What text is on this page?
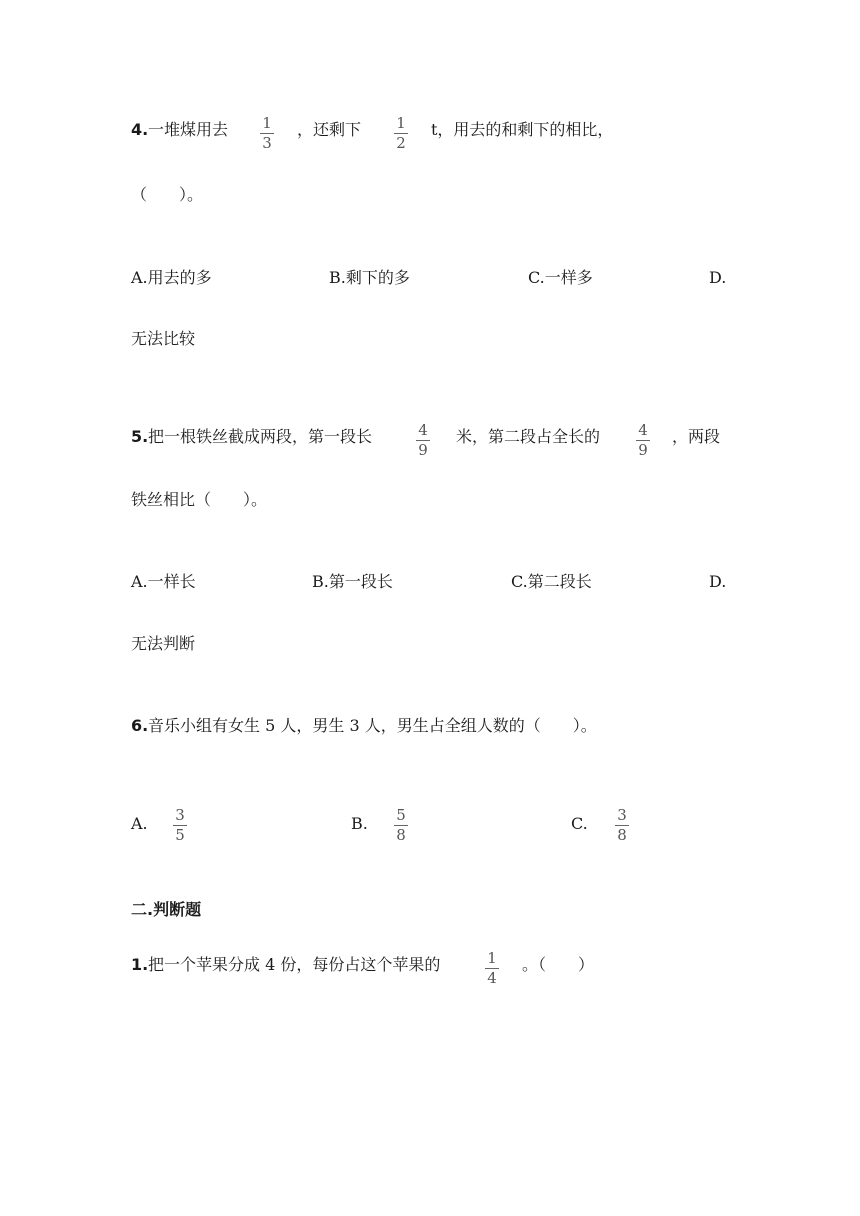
4. 一堆煤用去	1
3
，还剩下	1
2
t，用去的和剩下的相比，
（　　）。
A.用去的多	B.剩下的多	C.一样多	D.
无法比较
5. 把一根铁丝截成两段，第一段长	4
9
米，第二段占全长的	4
9
，两段
铁丝相比（　　）。
A.一样长	B.第一段长	C.第二段长	D.
无法判断
6. 音乐小组有女生 5 人，男生 3 人，男生占全组人数的（　　）。
A.	3
5
B.	5
8
C.	3
8
二.判断题
1. 把一个苹果分成 4 份，每份占这个苹果的	1
4
。（　　）
